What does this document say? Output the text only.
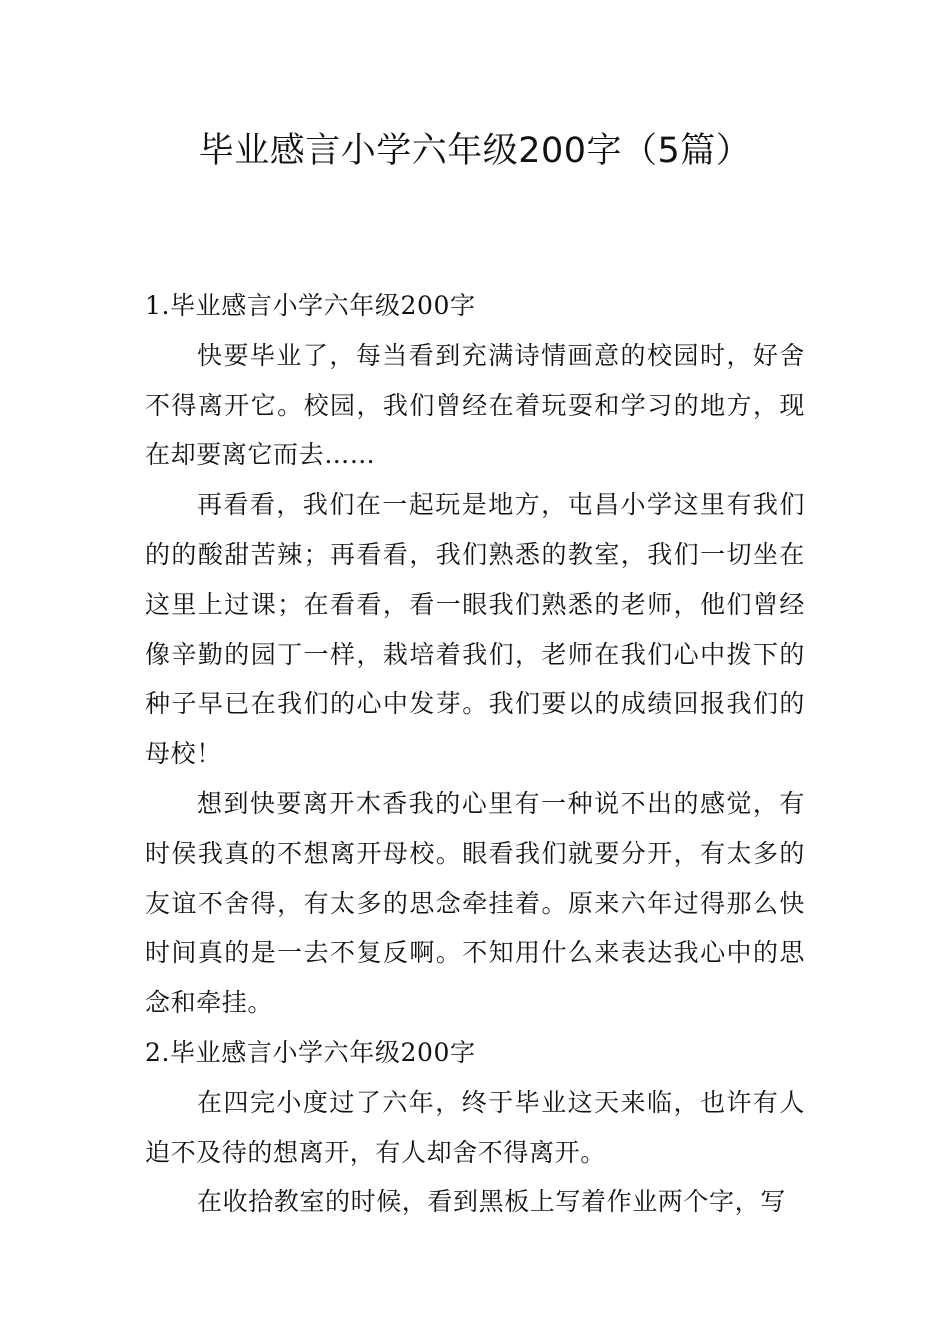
毕业感言小学六年级200字（5篇）

1.毕业感言小学六年级200字

快要毕业了，每当看到充满诗情画意的校园时，好舍不得离开它。校园，我们曾经在着玩耍和学习的地方，现在却要离它而去……

再看看，我们在一起玩是地方，屯昌小学这里有我们的的酸甜苦辣；再看看，我们熟悉的教室，我们一切坐在这里上过课；在看看，看一眼我们熟悉的老师，他们曾经像辛勤的园丁一样，栽培着我们，老师在我们心中拨下的种子早已在我们的心中发芽。我们要以的成绩回报我们的母校！

想到快要离开木香我的心里有一种说不出的感觉，有时侯我真的不想离开母校。眼看我们就要分开，有太多的友谊不舍得，有太多的思念牵挂着。原来六年过得那么快时间真的是一去不复反啊。不知用什么来表达我心中的思念和牵挂。

2.毕业感言小学六年级200字

在四完小度过了六年，终于毕业这天来临，也许有人迫不及待的想离开，有人却舍不得离开。

在收拾教室的时候，看到黑板上写着作业两个字，写
